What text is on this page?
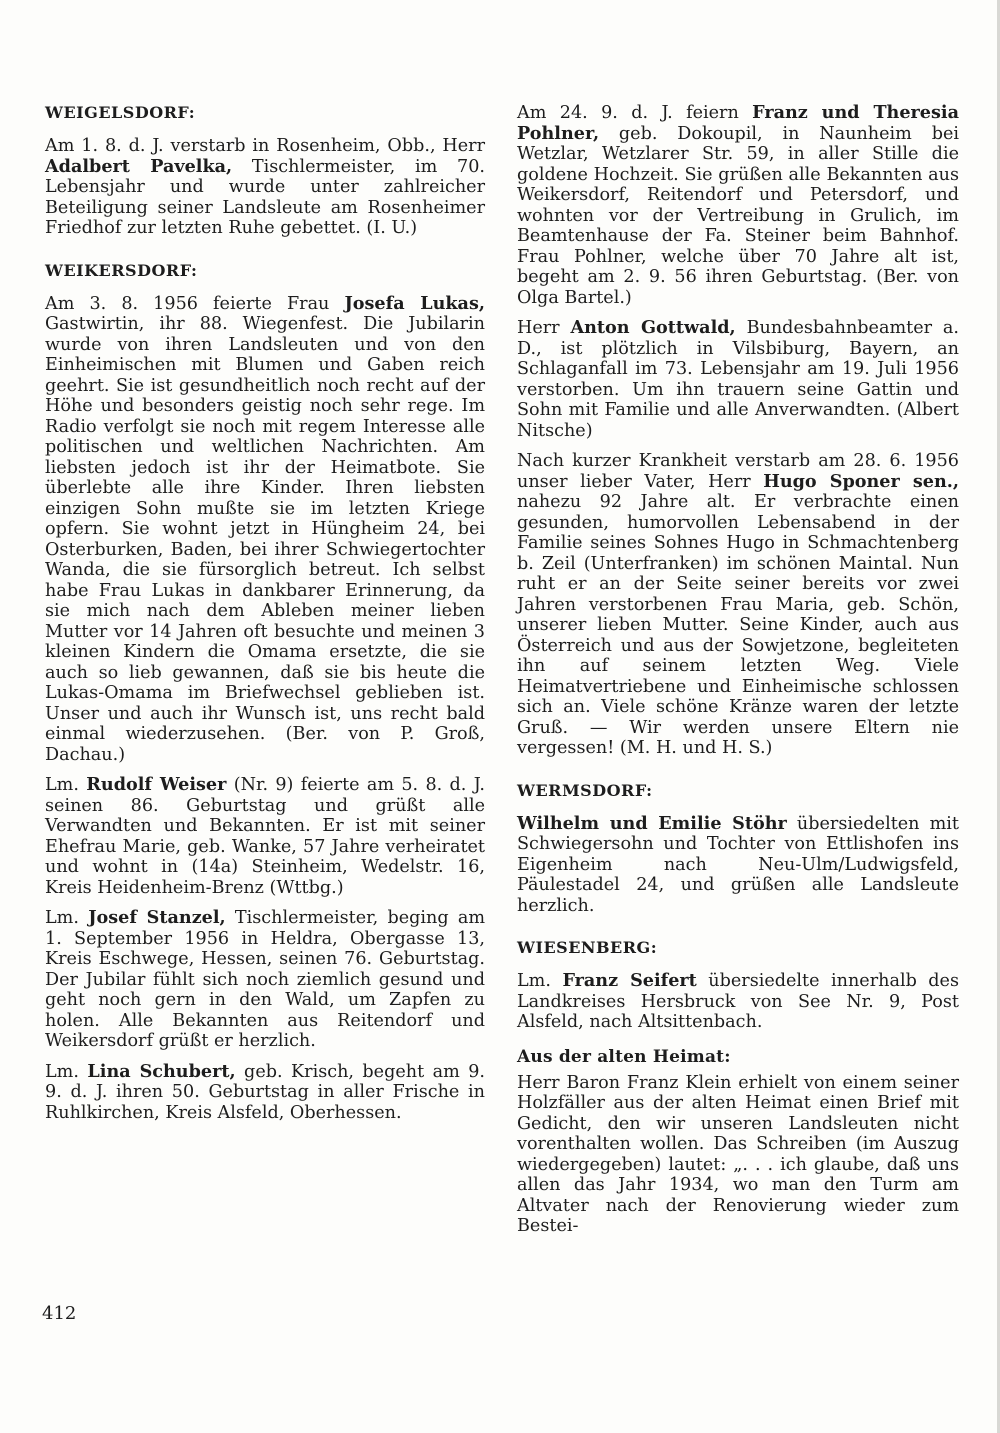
WEIGELSDORF:

Am 1. 8. d. J. verstarb in Rosenheim, Obb., Herr Adalbert Pavelka, Tischlermeister, im 70. Lebensjahr und wurde unter zahlreicher Beteiligung seiner Landsleute am Rosenheimer Friedhof zur letzten Ruhe gebettet. (I. U.)

WEIKERSDORF:

Am 3. 8. 1956 feierte Frau Josefa Lukas, Gastwirtin, ihr 88. Wiegenfest. Die Jubilarin wurde von ihren Landsleuten und von den Einheimischen mit Blumen und Gaben reich geehrt. Sie ist gesundheitlich noch recht auf der Höhe und besonders geistig noch sehr rege. Im Radio verfolgt sie noch mit regem Interesse alle politischen und weltlichen Nachrichten. Am liebsten jedoch ist ihr der Heimatbote. Sie überlebte alle ihre Kinder. Ihren liebsten einzigen Sohn mußte sie im letzten Kriege opfern. Sie wohnt jetzt in Hüngheim 24, bei Osterburken, Baden, bei ihrer Schwiegertochter Wanda, die sie fürsorglich betreut. Ich selbst habe Frau Lukas in dankbarer Erinnerung, da sie mich nach dem Ableben meiner lieben Mutter vor 14 Jahren oft besuchte und meinen 3 kleinen Kindern die Omama ersetzte, die sie auch so lieb gewannen, daß sie bis heute die Lukas-Omama im Briefwechsel geblieben ist. Unser und auch ihr Wunsch ist, uns recht bald einmal wiederzusehen. (Ber. von P. Groß, Dachau.)

Lm. Rudolf Weiser (Nr. 9) feierte am 5. 8. d. J. seinen 86. Geburtstag und grüßt alle Verwandten und Bekannten. Er ist mit seiner Ehefrau Marie, geb. Wanke, 57 Jahre verheiratet und wohnt in (14a) Steinheim, Wedelstr. 16, Kreis Heidenheim-Brenz (Wttbg.)

Lm. Josef Stanzel, Tischlermeister, beging am 1. September 1956 in Heldra, Obergasse 13, Kreis Eschwege, Hessen, seinen 76. Geburtstag. Der Jubilar fühlt sich noch ziemlich gesund und geht noch gern in den Wald, um Zapfen zu holen. Alle Bekannten aus Reitendorf und Weikersdorf grüßt er herzlich.

Lm. Lina Schubert, geb. Krisch, begeht am 9. 9. d. J. ihren 50. Geburtstag in aller Frische in Ruhlkirchen, Kreis Alsfeld, Oberhessen.

Am 24. 9. d. J. feiern Franz und Theresia Pohlner, geb. Dokoupil, in Naunheim bei Wetzlar, Wetzlarer Str. 59, in aller Stille die goldene Hochzeit. Sie grüßen alle Bekannten aus Weikersdorf, Reitendorf und Petersdorf, und wohnten vor der Vertreibung in Grulich, im Beamtenhause der Fa. Steiner beim Bahnhof. Frau Pohlner, welche über 70 Jahre alt ist, begeht am 2. 9. 56 ihren Geburtstag. (Ber. von Olga Bartel.)

Herr Anton Gottwald, Bundesbahnbeamter a. D., ist plötzlich in Vilsbiburg, Bayern, an Schlaganfall im 73. Lebensjahr am 19. Juli 1956 verstorben. Um ihn trauern seine Gattin und Sohn mit Familie und alle Anverwandten. (Albert Nitsche)

Nach kurzer Krankheit verstarb am 28. 6. 1956 unser lieber Vater, Herr Hugo Sponer sen., nahezu 92 Jahre alt. Er verbrachte einen gesunden, humorvollen Lebensabend in der Familie seines Sohnes Hugo in Schmachtenberg b. Zeil (Unterfranken) im schönen Maintal. Nun ruht er an der Seite seiner bereits vor zwei Jahren verstorbenen Frau Maria, geb. Schön, unserer lieben Mutter. Seine Kinder, auch aus Österreich und aus der Sowjetzone, begleiteten ihn auf seinem letzten Weg. Viele Heimatvertriebene und Einheimische schlossen sich an. Viele schöne Kränze waren der letzte Gruß. — Wir werden unsere Eltern nie vergessen! (M. H. und H. S.)

WERMSDORF:

Wilhelm und Emilie Stöhr übersiedelten mit Schwiegersohn und Tochter von Ettlishofen ins Eigenheim nach Neu-Ulm/Ludwigsfeld, Päulestadel 24, und grüßen alle Landsleute herzlich.

WIESENBERG:

Lm. Franz Seifert übersiedelte innerhalb des Landkreises Hersbruck von See Nr. 9, Post Alsfeld, nach Altsittenbach.

Aus der alten Heimat:

Herr Baron Franz Klein erhielt von einem seiner Holzfäller aus der alten Heimat einen Brief mit Gedicht, den wir unseren Landsleuten nicht vorenthalten wollen. Das Schreiben (im Auszug wiedergegeben) lautet: „. . . ich glaube, daß uns allen das Jahr 1934, wo man den Turm am Altvater nach der Renovierung wieder zum Bestei-

412
